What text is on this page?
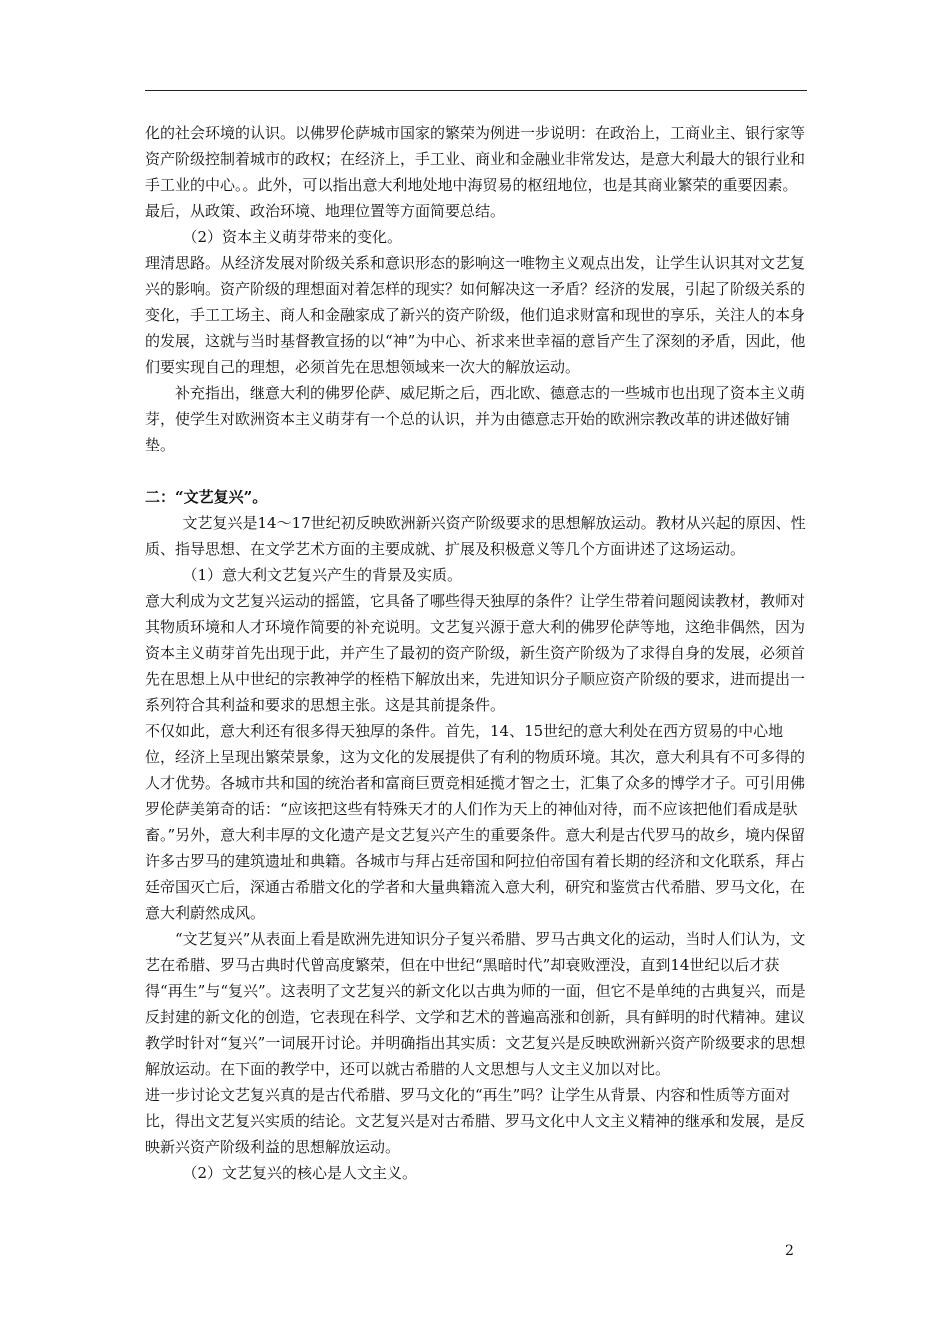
化的社会环境的认识。以佛罗伦萨城市国家的繁荣为例进一步说明：在政治上，工商业主、银行家等资产阶级控制着城市的政权；在经济上，手工业、商业和金融业非常发达，是意大利最大的银行业和手工业的中心。。此外，可以指出意大利地处地中海贸易的枢纽地位，也是其商业繁荣的重要因素。最后，从政策、政治环境、地理位置等方面简要总结。

（2）资本主义萌芽带来的变化。

理清思路。从经济发展对阶级关系和意识形态的影响这一唯物主义观点出发，让学生认识其对文艺复兴的影响。资产阶级的理想面对着怎样的现实？如何解决这一矛盾？经济的发展，引起了阶级关系的变化，手工工场主、商人和金融家成了新兴的资产阶级，他们追求财富和现世的享乐，关注人的本身的发展，这就与当时基督教宣扬的以“神”为中心、祈求来世幸福的意旨产生了深刻的矛盾，因此，他们要实现自己的理想，必须首先在思想领域来一次大的解放运动。

补充指出，继意大利的佛罗伦萨、威尼斯之后，西北欧、德意志的一些城市也出现了资本主义萌芽，使学生对欧洲资本主义萌芽有一个总的认识，并为由德意志开始的欧洲宗教改革的讲述做好铺垫。

二：“文艺复兴”。

文艺复兴是14～17世纪初反映欧洲新兴资产阶级要求的思想解放运动。教材从兴起的原因、性质、指导思想、在文学艺术方面的主要成就、扩展及积极意义等几个方面讲述了这场运动。

（1）意大利文艺复兴产生的背景及实质。

意大利成为文艺复兴运动的摇篮，它具备了哪些得天独厚的条件？让学生带着问题阅读教材，教师对其物质环境和人才环境作简要的补充说明。文艺复兴源于意大利的佛罗伦萨等地，这绝非偶然，因为资本主义萌芽首先出现于此，并产生了最初的资产阶级，新生资产阶级为了求得自身的发展，必须首先在思想上从中世纪的宗教神学的桎梏下解放出来，先进知识分子顺应资产阶级的要求，进而提出一系列符合其利益和要求的思想主张。这是其前提条件。

不仅如此，意大利还有很多得天独厚的条件。首先，14、15世纪的意大利处在西方贸易的中心地位，经济上呈现出繁荣景象，这为文化的发展提供了有利的物质环境。其次，意大利具有不可多得的人才优势。各城市共和国的统治者和富商巨贾竞相延揽才智之士，汇集了众多的博学才子。可引用佛罗伦萨美第奇的话：“应该把这些有特殊天才的人们作为天上的神仙对待，而不应该把他们看成是驮畜。”另外，意大利丰厚的文化遗产是文艺复兴产生的重要条件。意大利是古代罗马的故乡，境内保留许多古罗马的建筑遗址和典籍。各城市与拜占廷帝国和阿拉伯帝国有着长期的经济和文化联系，拜占廷帝国灭亡后，深通古希腊文化的学者和大量典籍流入意大利，研究和鉴赏古代希腊、罗马文化，在意大利蔚然成风。

“文艺复兴”从表面上看是欧洲先进知识分子复兴希腊、罗马古典文化的运动，当时人们认为，文艺在希腊、罗马古典时代曾高度繁荣，但在中世纪“黑暗时代”却衰败湮没，直到14世纪以后才获得“再生”与“复兴”。这表明了文艺复兴的新文化以古典为师的一面，但它不是单纯的古典复兴，而是反封建的新文化的创造，它表现在科学、文学和艺术的普遍高涨和创新，具有鲜明的时代精神。建议教学时针对“复兴”一词展开讨论。并明确指出其实质：文艺复兴是反映欧洲新兴资产阶级要求的思想解放运动。在下面的教学中，还可以就古希腊的人文思想与人文主义加以对比。

进一步讨论文艺复兴真的是古代希腊、罗马文化的“再生”吗？让学生从背景、内容和性质等方面对比，得出文艺复兴实质的结论。文艺复兴是对古希腊、罗马文化中人文主义精神的继承和发展，是反映新兴资产阶级利益的思想解放运动。

（2）文艺复兴的核心是人文主义。

2
